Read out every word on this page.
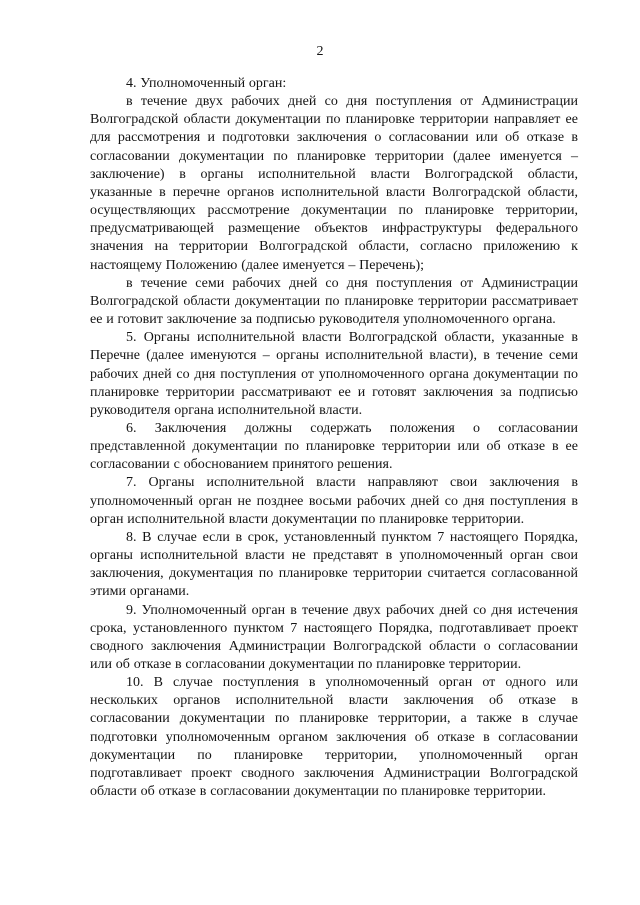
2

4. Уполномоченный орган:

в течение двух рабочих дней со дня поступления от Администрации Волгоградской области документации по планировке территории направляет ее для рассмотрения и подготовки заключения о согласовании или об отказе в согласовании документации по планировке территории (далее именуется – заключение) в органы исполнительной власти Волгоградской области, указанные в перечне органов исполнительной власти Волгоградской области, осуществляющих рассмотрение документации по планировке территории, предусматривающей размещение объектов инфраструктуры федерального значения на территории Волгоградской области, согласно приложению к настоящему Положению (далее именуется – Перечень);

в течение семи рабочих дней со дня поступления от Администрации Волгоградской области документации по планировке территории рассматривает ее и готовит заключение за подписью руководителя уполномоченного органа.

5. Органы исполнительной власти Волгоградской области, указанные в Перечне (далее именуются – органы исполнительной власти), в течение семи рабочих дней со дня поступления от уполномоченного органа документации по планировке территории рассматривают ее и готовят заключения за подписью руководителя органа исполнительной власти.

6. Заключения должны содержать положения о согласовании представленной документации по планировке территории или об отказе в ее согласовании с обоснованием принятого решения.

7. Органы исполнительной власти направляют свои заключения в уполномоченный орган не позднее восьми рабочих дней со дня поступления в орган исполнительной власти документации по планировке территории.

8. В случае если в срок, установленный пунктом 7 настоящего Порядка, органы исполнительной власти не представят в уполномоченный орган свои заключения, документация по планировке территории считается согласованной этими органами.

9. Уполномоченный орган в течение двух рабочих дней со дня истечения срока, установленного пунктом 7 настоящего Порядка, подготавливает проект сводного заключения Администрации Волгоградской области о согласовании или об отказе в согласовании документации по планировке территории.

10. В случае поступления в уполномоченный орган от одного или нескольких органов исполнительной власти заключения об отказе в согласовании документации по планировке территории, а также в случае подготовки уполномоченным органом заключения об отказе в согласовании документации по планировке территории, уполномоченный орган подготавливает проект сводного заключения Администрации Волгоградской области об отказе в согласовании документации по планировке территории.
